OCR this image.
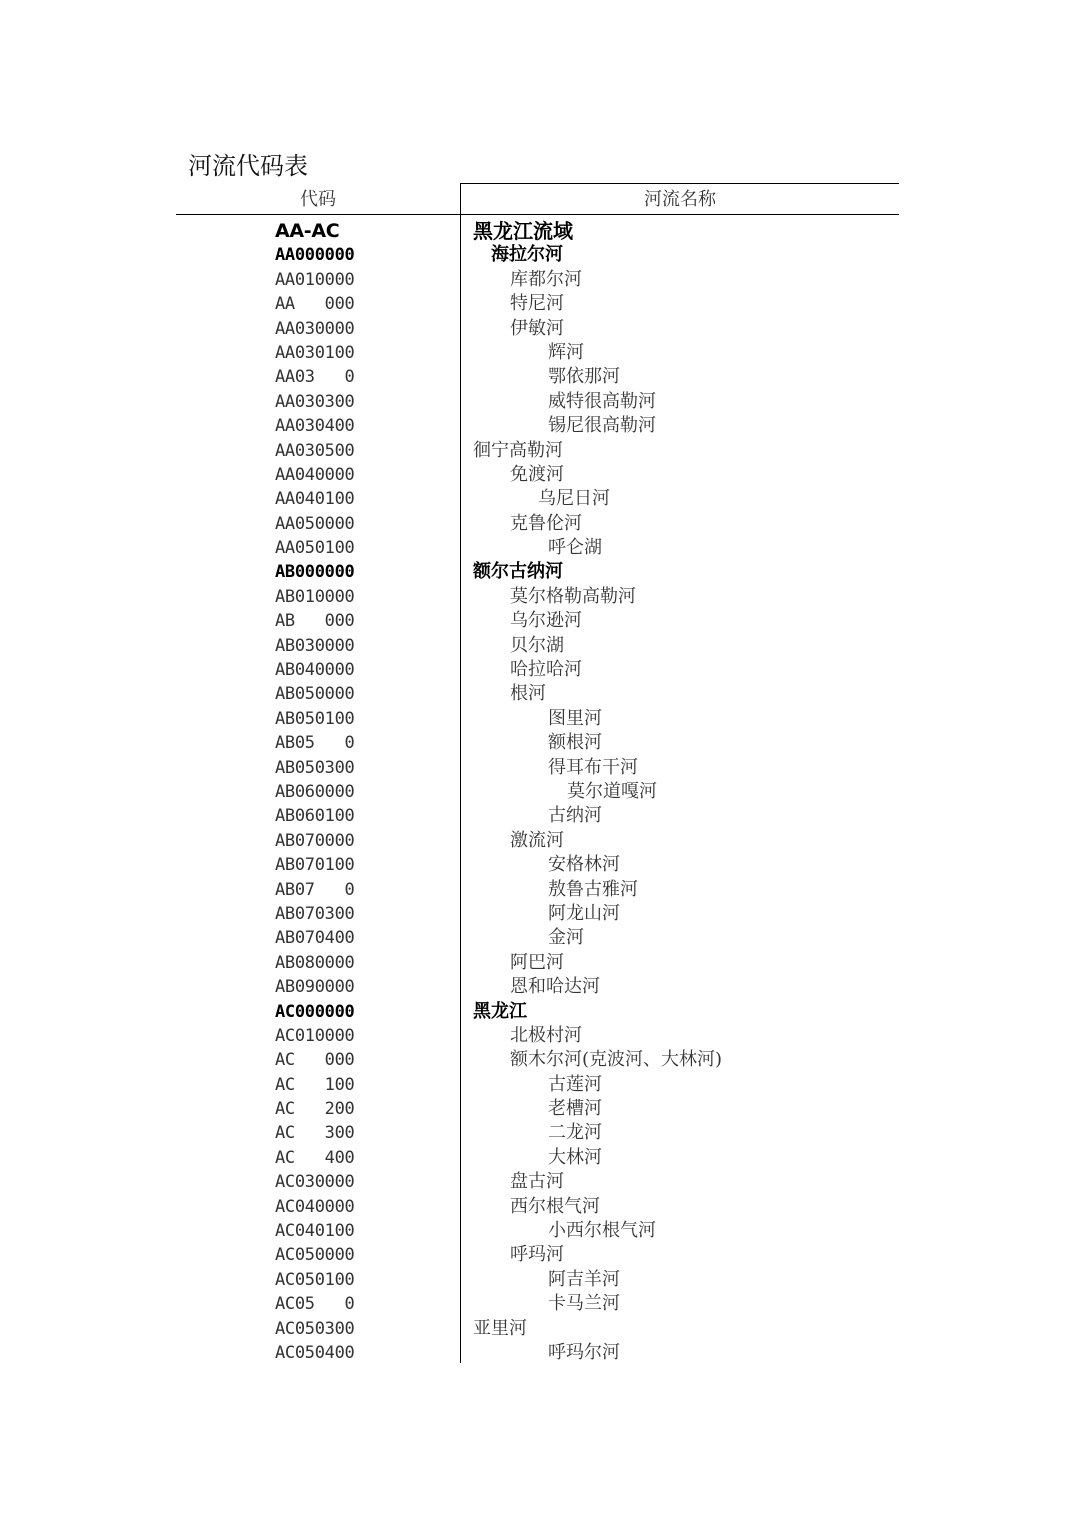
河流代码表
代码	河流名称
AA-AC	黑龙江流域
AA000000	海拉尔河
AA010000	库都尔河
AA   000	特尼河
AA030000	伊敏河
AA030100	辉河
AA03   0	鄂依那河
AA030300	威特很高勒河
AA030400	锡尼很高勒河
AA030500	徊宁高勒河
AA040000	免渡河
AA040100	乌尼日河
AA050000	克鲁伦河
AA050100	呼仑湖
AB000000	额尔古纳河
AB010000	莫尔格勒高勒河
AB   000	乌尔逊河
AB030000	贝尔湖
AB040000	哈拉哈河
AB050000	根河
AB050100	图里河
AB05   0	额根河
AB050300	得耳布干河
AB060000	莫尔道嘎河
AB060100	古纳河
AB070000	激流河
AB070100	安格林河
AB07   0	敖鲁古雅河
AB070300	阿龙山河
AB070400	金河
AB080000	阿巴河
AB090000	恩和哈达河
AC000000	黑龙江
AC010000	北极村河
AC   000	额木尔河(克波河、大林河)
AC   100	古莲河
AC   200	老槽河
AC   300	二龙河
AC   400	大林河
AC030000	盘古河
AC040000	西尔根气河
AC040100	小西尔根气河
AC050000	呼玛河
AC050100	阿吉羊河
AC05   0	卡马兰河
AC050300	亚里河
AC050400	呼玛尔河
